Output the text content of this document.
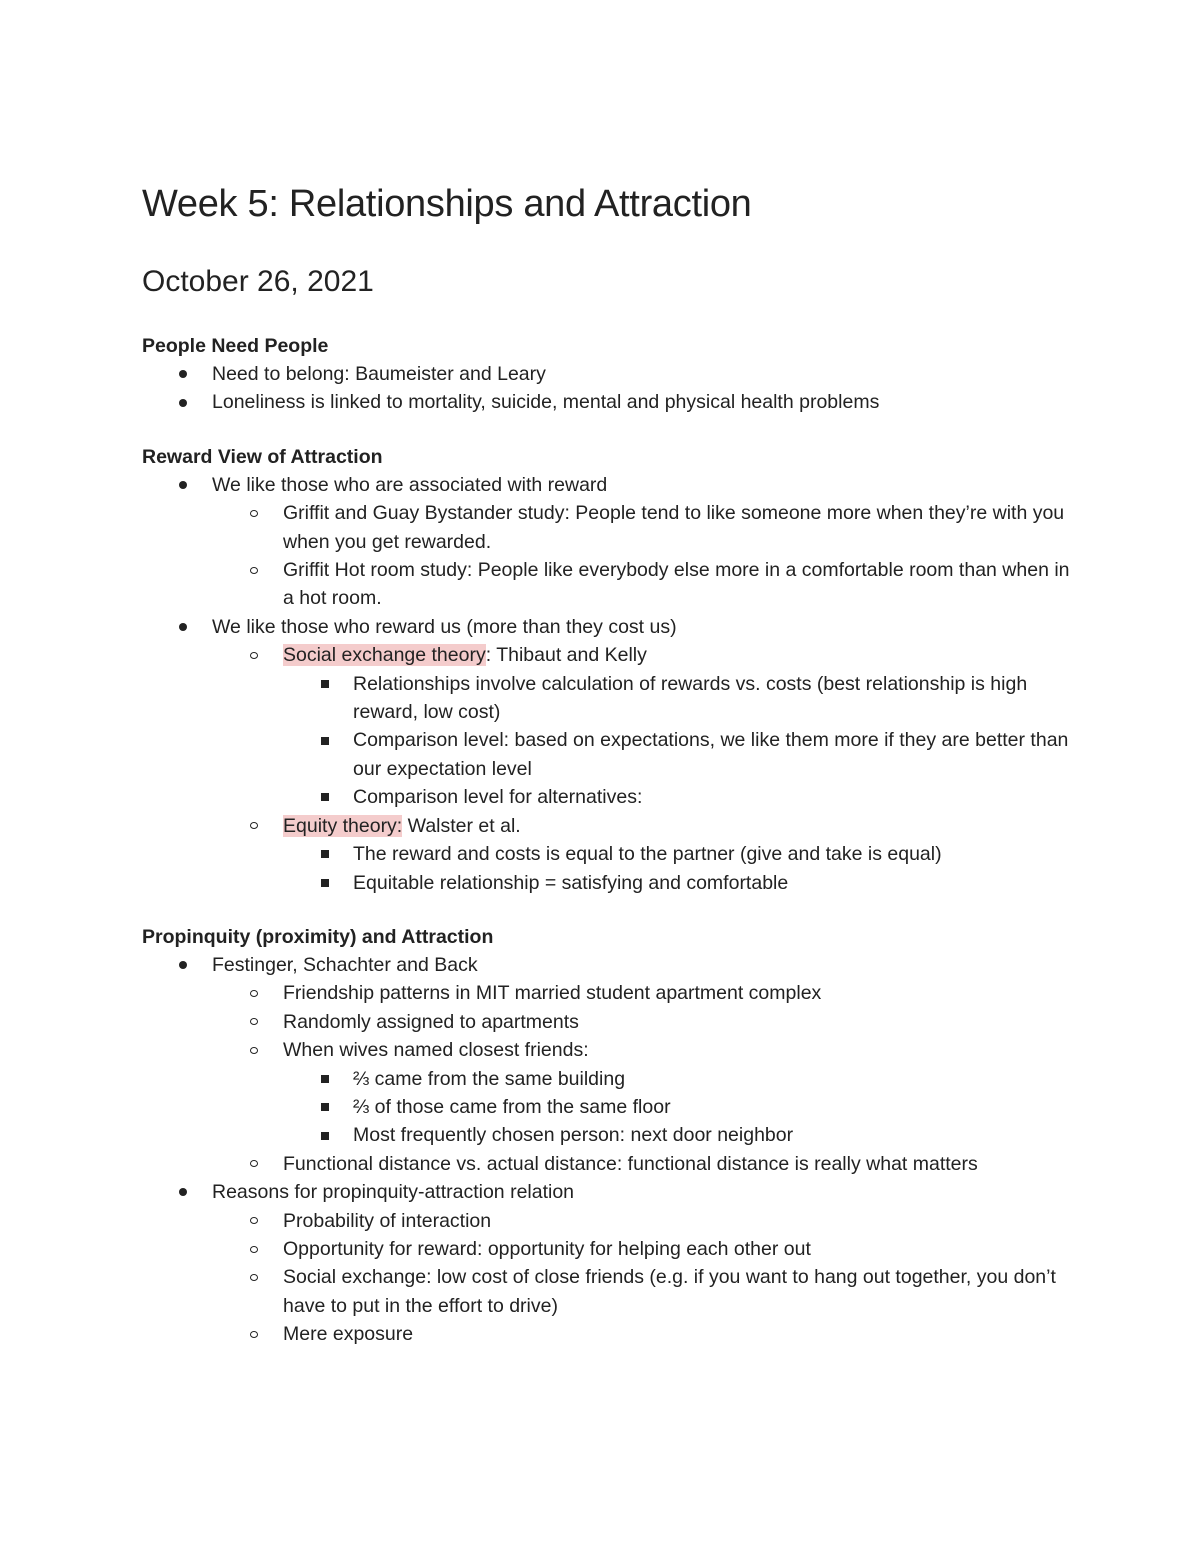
Week 5: Relationships and Attraction
October 26, 2021

People Need People

Need to belong: Baumeister and Leary
Loneliness is linked to mortality, suicide, mental and physical health problems

Reward View of Attraction

We like those who are associated with reward
Griffit and Guay Bystander study: People tend to like someone more when they’re with you when you get rewarded.
Griffit Hot room study: People like everybody else more in a comfortable room than when in a hot room.
We like those who reward us (more than they cost us)
Social exchange theory: Thibaut and Kelly
Relationships involve calculation of rewards vs. costs (best relationship is high reward, low cost)
Comparison level: based on expectations, we like them more if they are better than our expectation level
Comparison level for alternatives:
Equity theory: Walster et al.
The reward and costs is equal to the partner (give and take is equal)
Equitable relationship = satisfying and comfortable

Propinquity (proximity) and Attraction

Festinger, Schachter and Back
Friendship patterns in MIT married student apartment complex
Randomly assigned to apartments
When wives named closest friends:
⅔ came from the same building
⅔ of those came from the same floor
Most frequently chosen person: next door neighbor
Functional distance vs. actual distance: functional distance is really what matters
Reasons for propinquity-attraction relation
Probability of interaction
Opportunity for reward: opportunity for helping each other out
Social exchange: low cost of close friends (e.g. if you want to hang out together, you don’t have to put in the effort to drive)
Mere exposure
